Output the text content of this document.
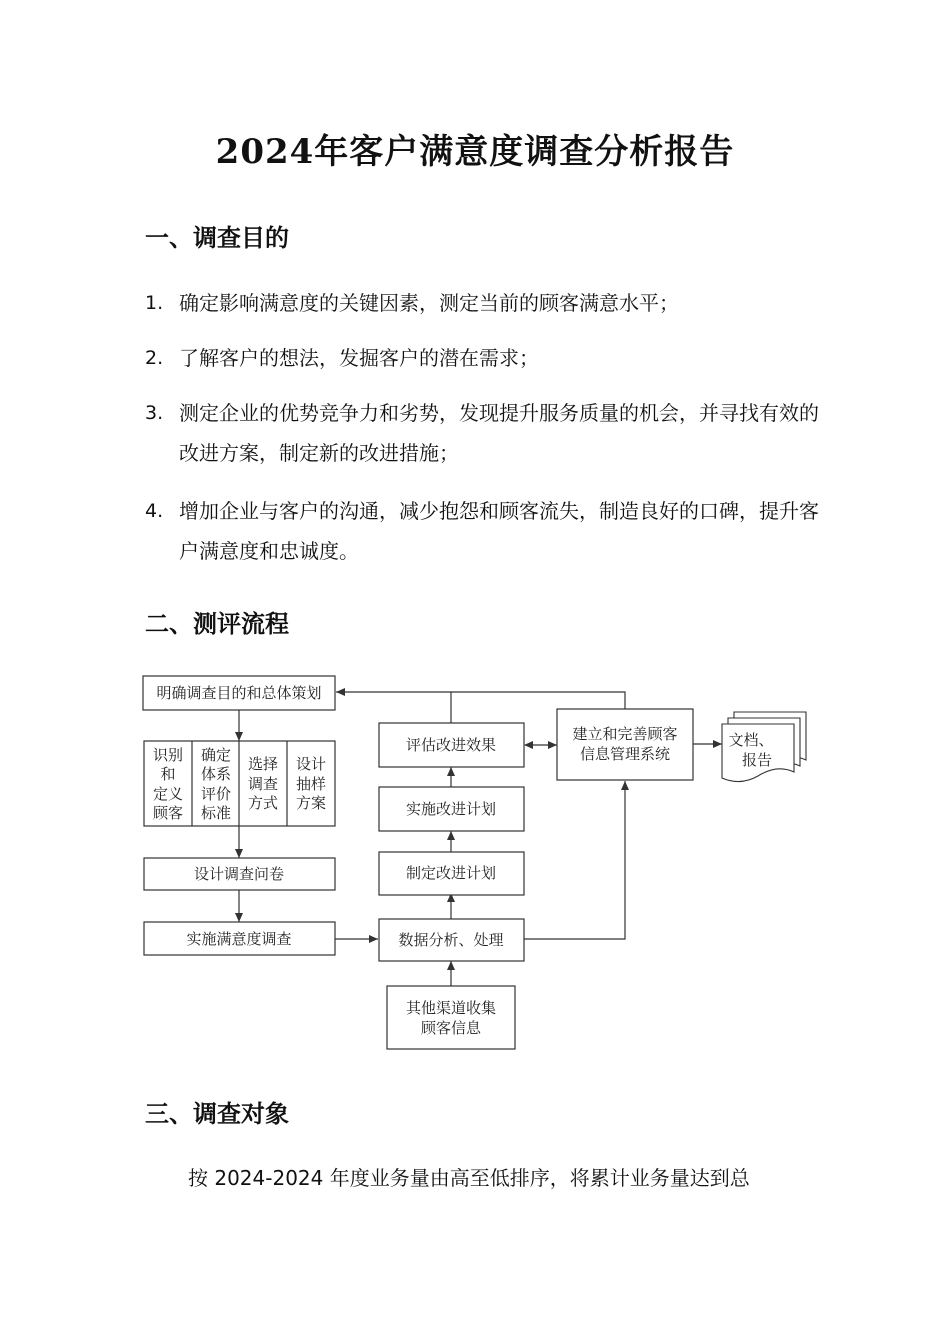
2024年客户满意度调查分析报告
一、调查目的
1. 确定影响满意度的关键因素，测定当前的顾客满意水平；
2. 了解客户的想法，发掘客户的潜在需求；
3. 测定企业的优势竞争力和劣势，发现提升服务质量的机会，并寻找有效的改进方案，制定新的改进措施；
4. 增加企业与客户的沟通，减少抱怨和顾客流失，制造良好的口碑，提升客户满意度和忠诚度。
二、测评流程
明确调查目的和总体策划
识别
和
定义
顾客
确定
体系
评价
标准
选择
调查
方式
设计
抽样
方案
设计调查问卷
实施满意度调查
评估改进效果
实施改进计划
制定改进计划
数据分析、处理
其他渠道收集
顾客信息
建立和完善顾客
信息管理系统
文档、
报告
三、调查对象
按 2024-2024 年度业务量由高至低排序，将累计业务量达到总
